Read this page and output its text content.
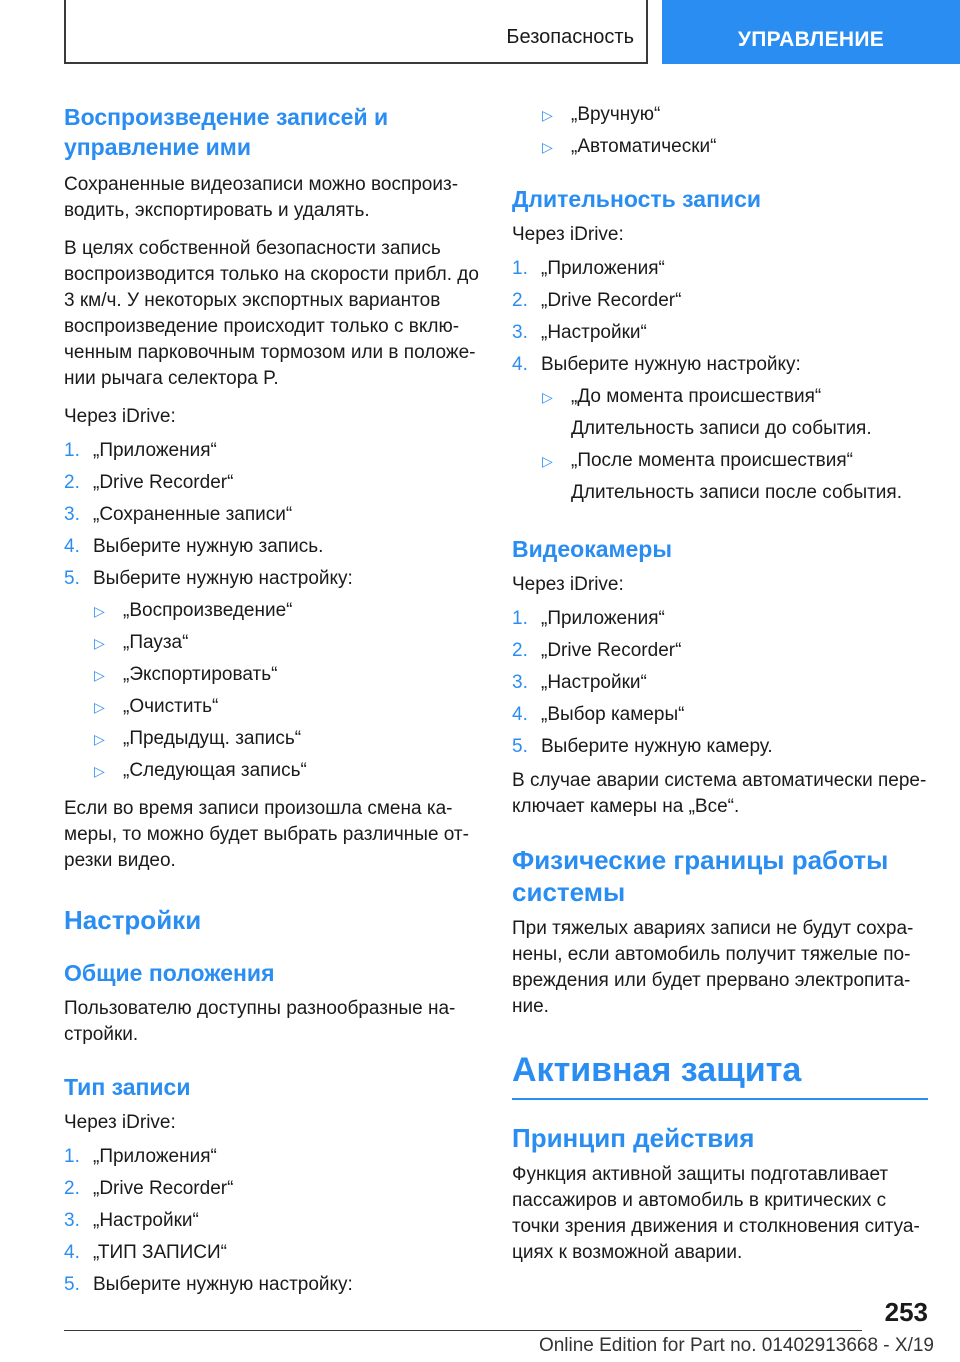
Безопасность	УПРАВЛЕНИЕ
Воспроизведение записей и управление ими

Сохраненные видеозаписи можно воспроиз‐водить, экспортировать и удалять.

В целях собственной безопасности запись воспроизводится только на скорости прибл. до 3 км/ч. У некоторых экспортных вариантов воспроизведение происходит только с вклю‐ченным парковочным тормозом или в положе‐нии рычага селектора P.

Через iDrive:

1. „Приложения“
2. „Drive Recorder“
3. „Сохраненные записи“
4. Выберите нужную запись.
5. Выберите нужную настройку:
▷ „Воспроизведение“
▷ „Пауза“
▷ „Экспортировать“
▷ „Очистить“
▷ „Предыдущ. запись“
▷ „Следующая запись“

Если во время записи произошла смена ка‐меры, то можно будет выбрать различные от‐резки видео.

Настройки
Общие положения

Пользователю доступны разнообразные на‐стройки.

Тип записи

Через iDrive:

1. „Приложения“
2. „Drive Recorder“
3. „Настройки“
4. „ТИП ЗАПИСИ“
5. Выберите нужную настройку:
▷ „Вручную“
▷ „Автоматически“
Длительность записи

Через iDrive:

1. „Приложения“
2. „Drive Recorder“
3. „Настройки“
4. Выберите нужную настройку:
▷ „До момента происшествия“
Длительность записи до события.
▷ „После момента происшествия“
Длительность записи после события.
Видеокамеры

Через iDrive:

1. „Приложения“
2. „Drive Recorder“
3. „Настройки“
4. „Выбор камеры“
5. Выберите нужную камеру.

В случае аварии система автоматически пере‐ключает камеры на „Все“.

Физические границы работы системы

При тяжелых авариях записи не будут сохра‐нены, если автомобиль получит тяжелые по‐вреждения или будет прервано электропита‐ние.

Активная защита
Принцип действия

Функция активной защиты подготавливает пассажиров и автомобиль в критических с точки зрения движения и столкновения ситуа‐циях к возможной аварии.

253
Online Edition for Part no. 01402913668 - X/19
